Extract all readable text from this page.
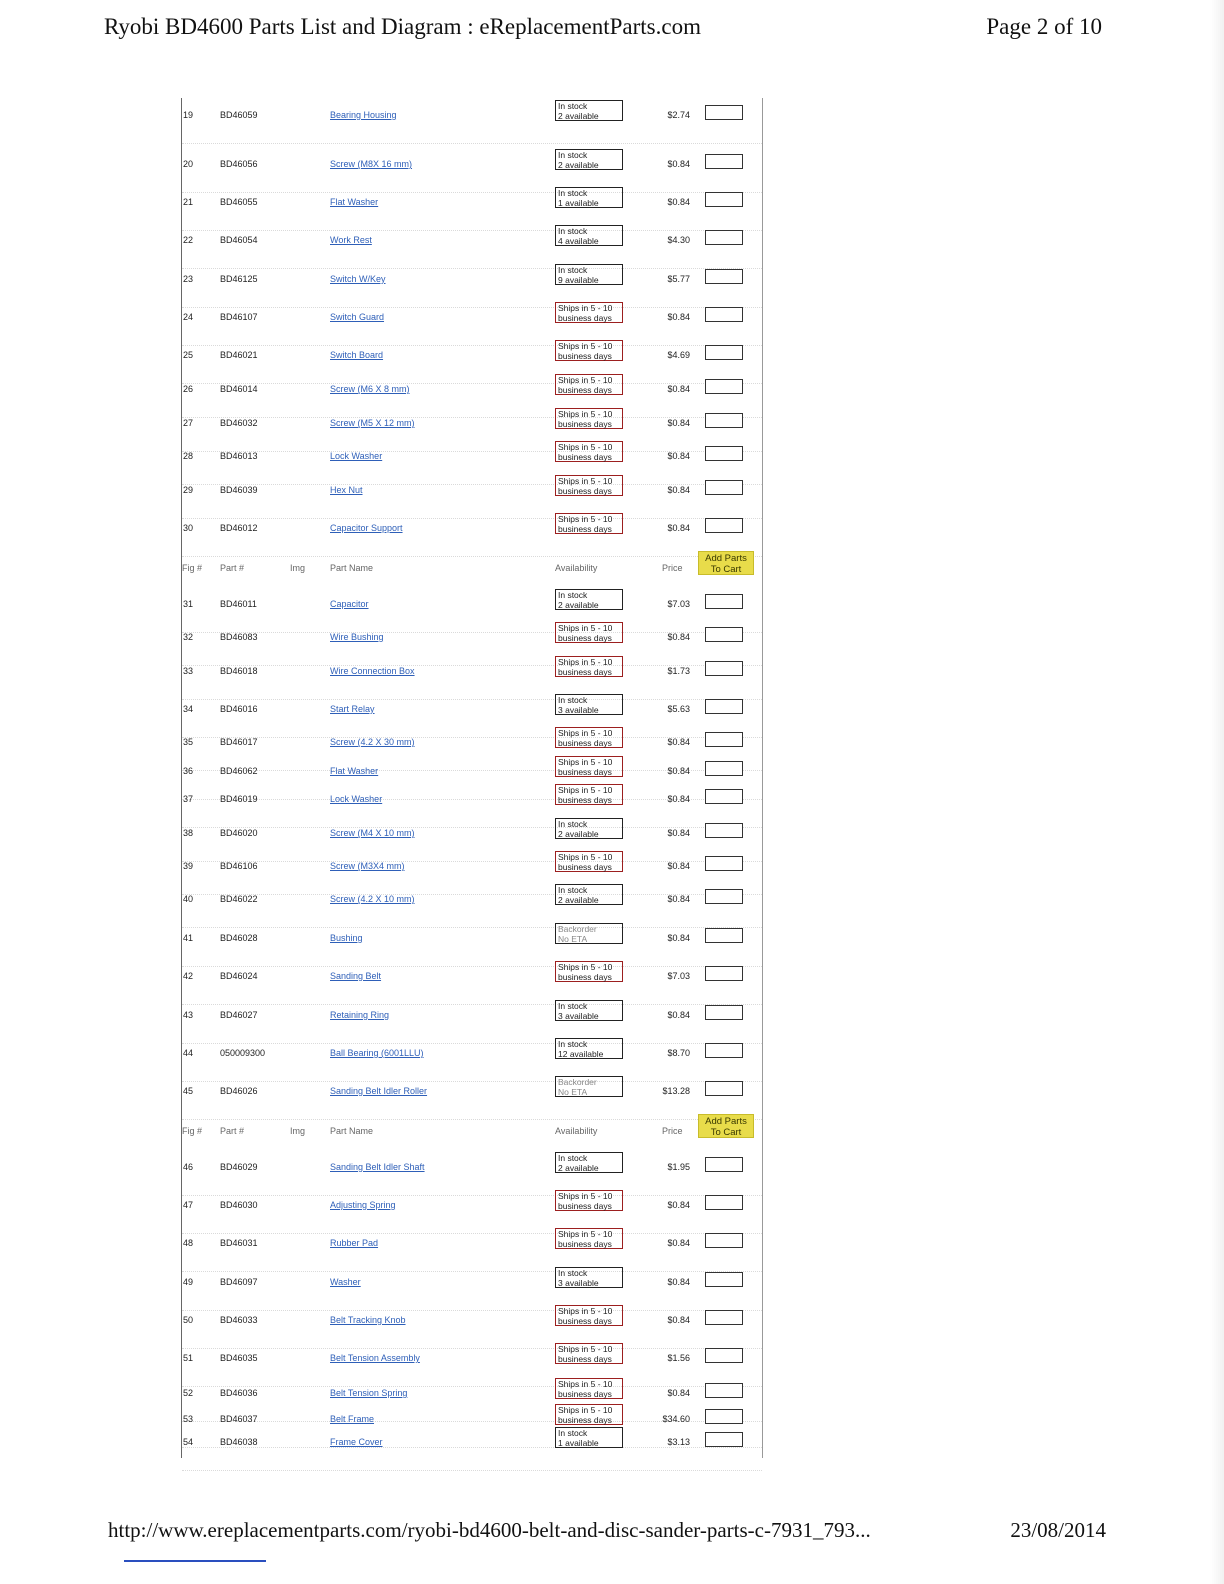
Ryobi BD4600 Parts List and Diagram : eReplacementParts.com	Page 2 of 10
19	BD46059	Bearing Housing
In stock
2 available	$2.74
20	BD46056	Screw (M8X 16 mm)
In stock
2 available	$0.84
21	BD46055	Flat Washer
In stock
1 available	$0.84
22	BD46054	Work Rest
In stock
4 available	$4.30
23	BD46125	Switch W/Key
In stock
9 available	$5.77
24	BD46107	Switch Guard
Ships in 5 - 10
business days	$0.84
25	BD46021	Switch Board
Ships in 5 - 10
business days	$4.69
26	BD46014	Screw (M6 X 8 mm)
Ships in 5 - 10
business days	$0.84
27	BD46032	Screw (M5 X 12 mm)
Ships in 5 - 10
business days	$0.84
28	BD46013	Lock Washer
Ships in 5 - 10
business days	$0.84
29	BD46039	Hex Nut
Ships in 5 - 10
business days	$0.84
30	BD46012	Capacitor Support
Ships in 5 - 10
business days	$0.84
Fig # Part #	Img	Part Name	Availability	Price
Add Parts To Cart
31	BD46011	Capacitor
In stock
2 available	$7.03
32	BD46083	Wire Bushing
Ships in 5 - 10
business days	$0.84
33	BD46018	Wire Connection Box
Ships in 5 - 10
business days	$1.73
34	BD46016	Start Relay
In stock
3 available	$5.63
35	BD46017	Screw (4.2 X 30 mm)
Ships in 5 - 10
business days	$0.84
36	BD46062	Flat Washer
Ships in 5 - 10
business days	$0.84
37	BD46019	Lock Washer
Ships in 5 - 10
business days	$0.84
38	BD46020	Screw (M4 X 10 mm)
In stock
2 available	$0.84
39	BD46106	Screw (M3X4 mm)
Ships in 5 - 10
business days	$0.84
40	BD46022	Screw (4.2 X 10 mm)
In stock
2 available	$0.84
41	BD46028	Bushing
Backorder
No ETA	$0.84
42	BD46024	Sanding Belt
Ships in 5 - 10
business days	$7.03
43	BD46027	Retaining Ring
In stock
3 available	$0.84
44	050009300	Ball Bearing (6001LLU)
In stock
12 available	$8.70
45	BD46026	Sanding Belt Idler Roller
Backorder
No ETA	$13.28
Fig # Part #	Img	Part Name	Availability	Price
Add Parts To Cart
46	BD46029	Sanding Belt Idler Shaft
In stock
2 available	$1.95
47	BD46030	Adjusting Spring
Ships in 5 - 10
business days	$0.84
48	BD46031	Rubber Pad
Ships in 5 - 10
business days	$0.84
49	BD46097	Washer
In stock
3 available	$0.84
50	BD46033	Belt Tracking Knob
Ships in 5 - 10
business days	$0.84
51	BD46035	Belt Tension Assembly
Ships in 5 - 10
business days	$1.56
52	BD46036	Belt Tension Spring
Ships in 5 - 10
business days	$0.84
53	BD46037	Belt Frame
Ships in 5 - 10
business days	$34.60
54	BD46038	Frame Cover
In stock
1 available	$3.13
http://www.ereplacementparts.com/ryobi-bd4600-belt-and-disc-sander-parts-c-7931_793...	23/08/2014
